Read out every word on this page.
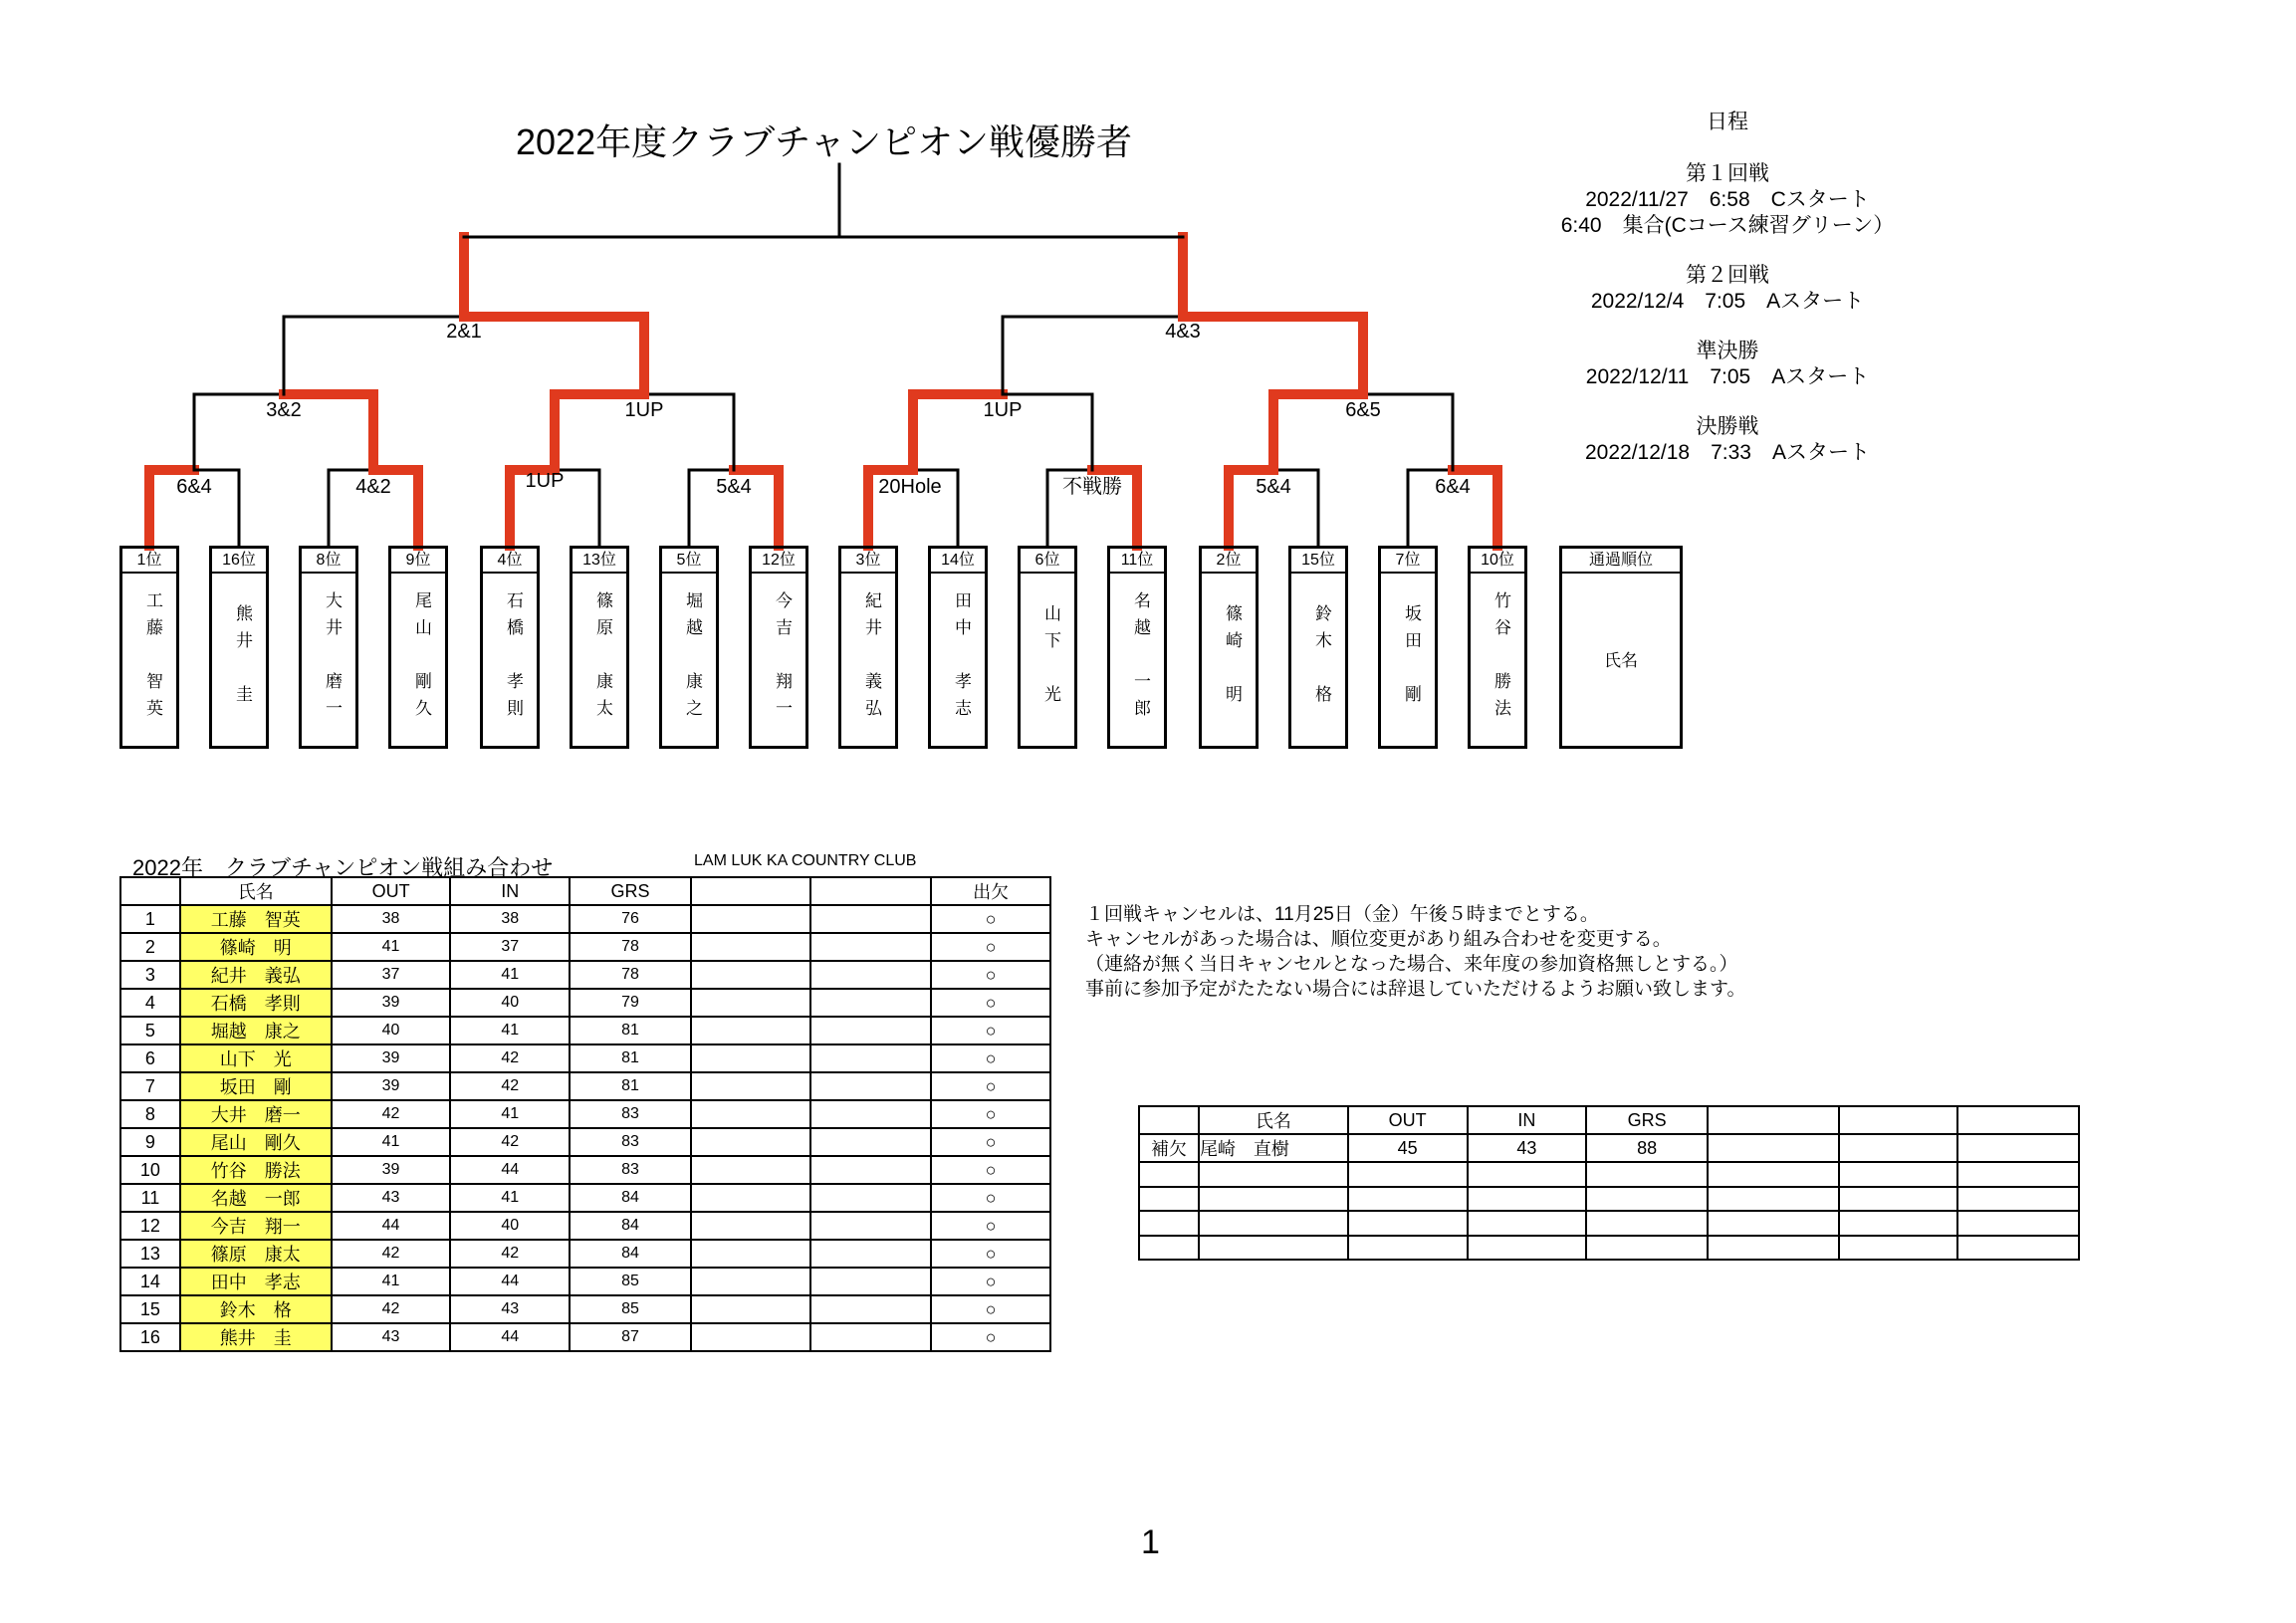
2022年度クラブチャンピオン戦優勝者	日程
第１回戦
2022/11/27　6:58　Cスタート
6:40　集合(Cコース練習グリーン）
第２回戦
2022/12/4　7:05　Aスタート
準決勝
2022/12/11　7:05　Aスタート
決勝戦
2022/12/18　7:33　Aスタート
6&4	4&2	1UP	5&4	20Hole	不戦勝	5&4	6&4
3&2	1UP	1UP	6&5
2&1	4&3
1位
工藤　智英
16位
熊井　圭
8位
大井　磨一
9位
尾山　剛久
4位
石橋　孝則
13位
篠原　康太
5位
堀越　康之
12位
今吉　翔一
3位
紀井　義弘
14位
田中　孝志
6位
山下　光
11位
名越　一郎
2位
篠崎　明
15位
鈴木　格
7位
坂田　剛
10位
竹谷　勝法
通過順位
氏名
2022年　クラブチャンピオン戦組み合わせ	LAM LUK KA COUNTRY CLUB
	氏名	OUT	IN	GRS			出欠
1	工藤　智英	38	38	76			○
2	篠崎　明	41	37	78			○
3	紀井　義弘	37	41	78			○
4	石橋　孝則	39	40	79			○
5	堀越　康之	40	41	81			○
6	山下　光	39	42	81			○
7	坂田　剛	39	42	81			○
8	大井　磨一	42	41	83			○
9	尾山　剛久	41	42	83			○
10	竹谷　勝法	39	44	83			○
11	名越　一郎	43	41	84			○
12	今吉　翔一	44	40	84			○
13	篠原　康太	42	42	84			○
14	田中　孝志	41	44	85			○
15	鈴木　格	42	43	85			○
16	熊井　圭	43	44	87			○
１回戦キャンセルは、11月25日（金）午後５時までとする。
キャンセルがあった場合は、順位変更があり組み合わせを変更する。
（連絡が無く当日キャンセルとなった場合、来年度の参加資格無しとする。）
事前に参加予定がたたない場合には辞退していただけるようお願い致します。
	氏名	OUT	IN	GRS			
補欠	尾崎　直樹	45	43	88			

1
